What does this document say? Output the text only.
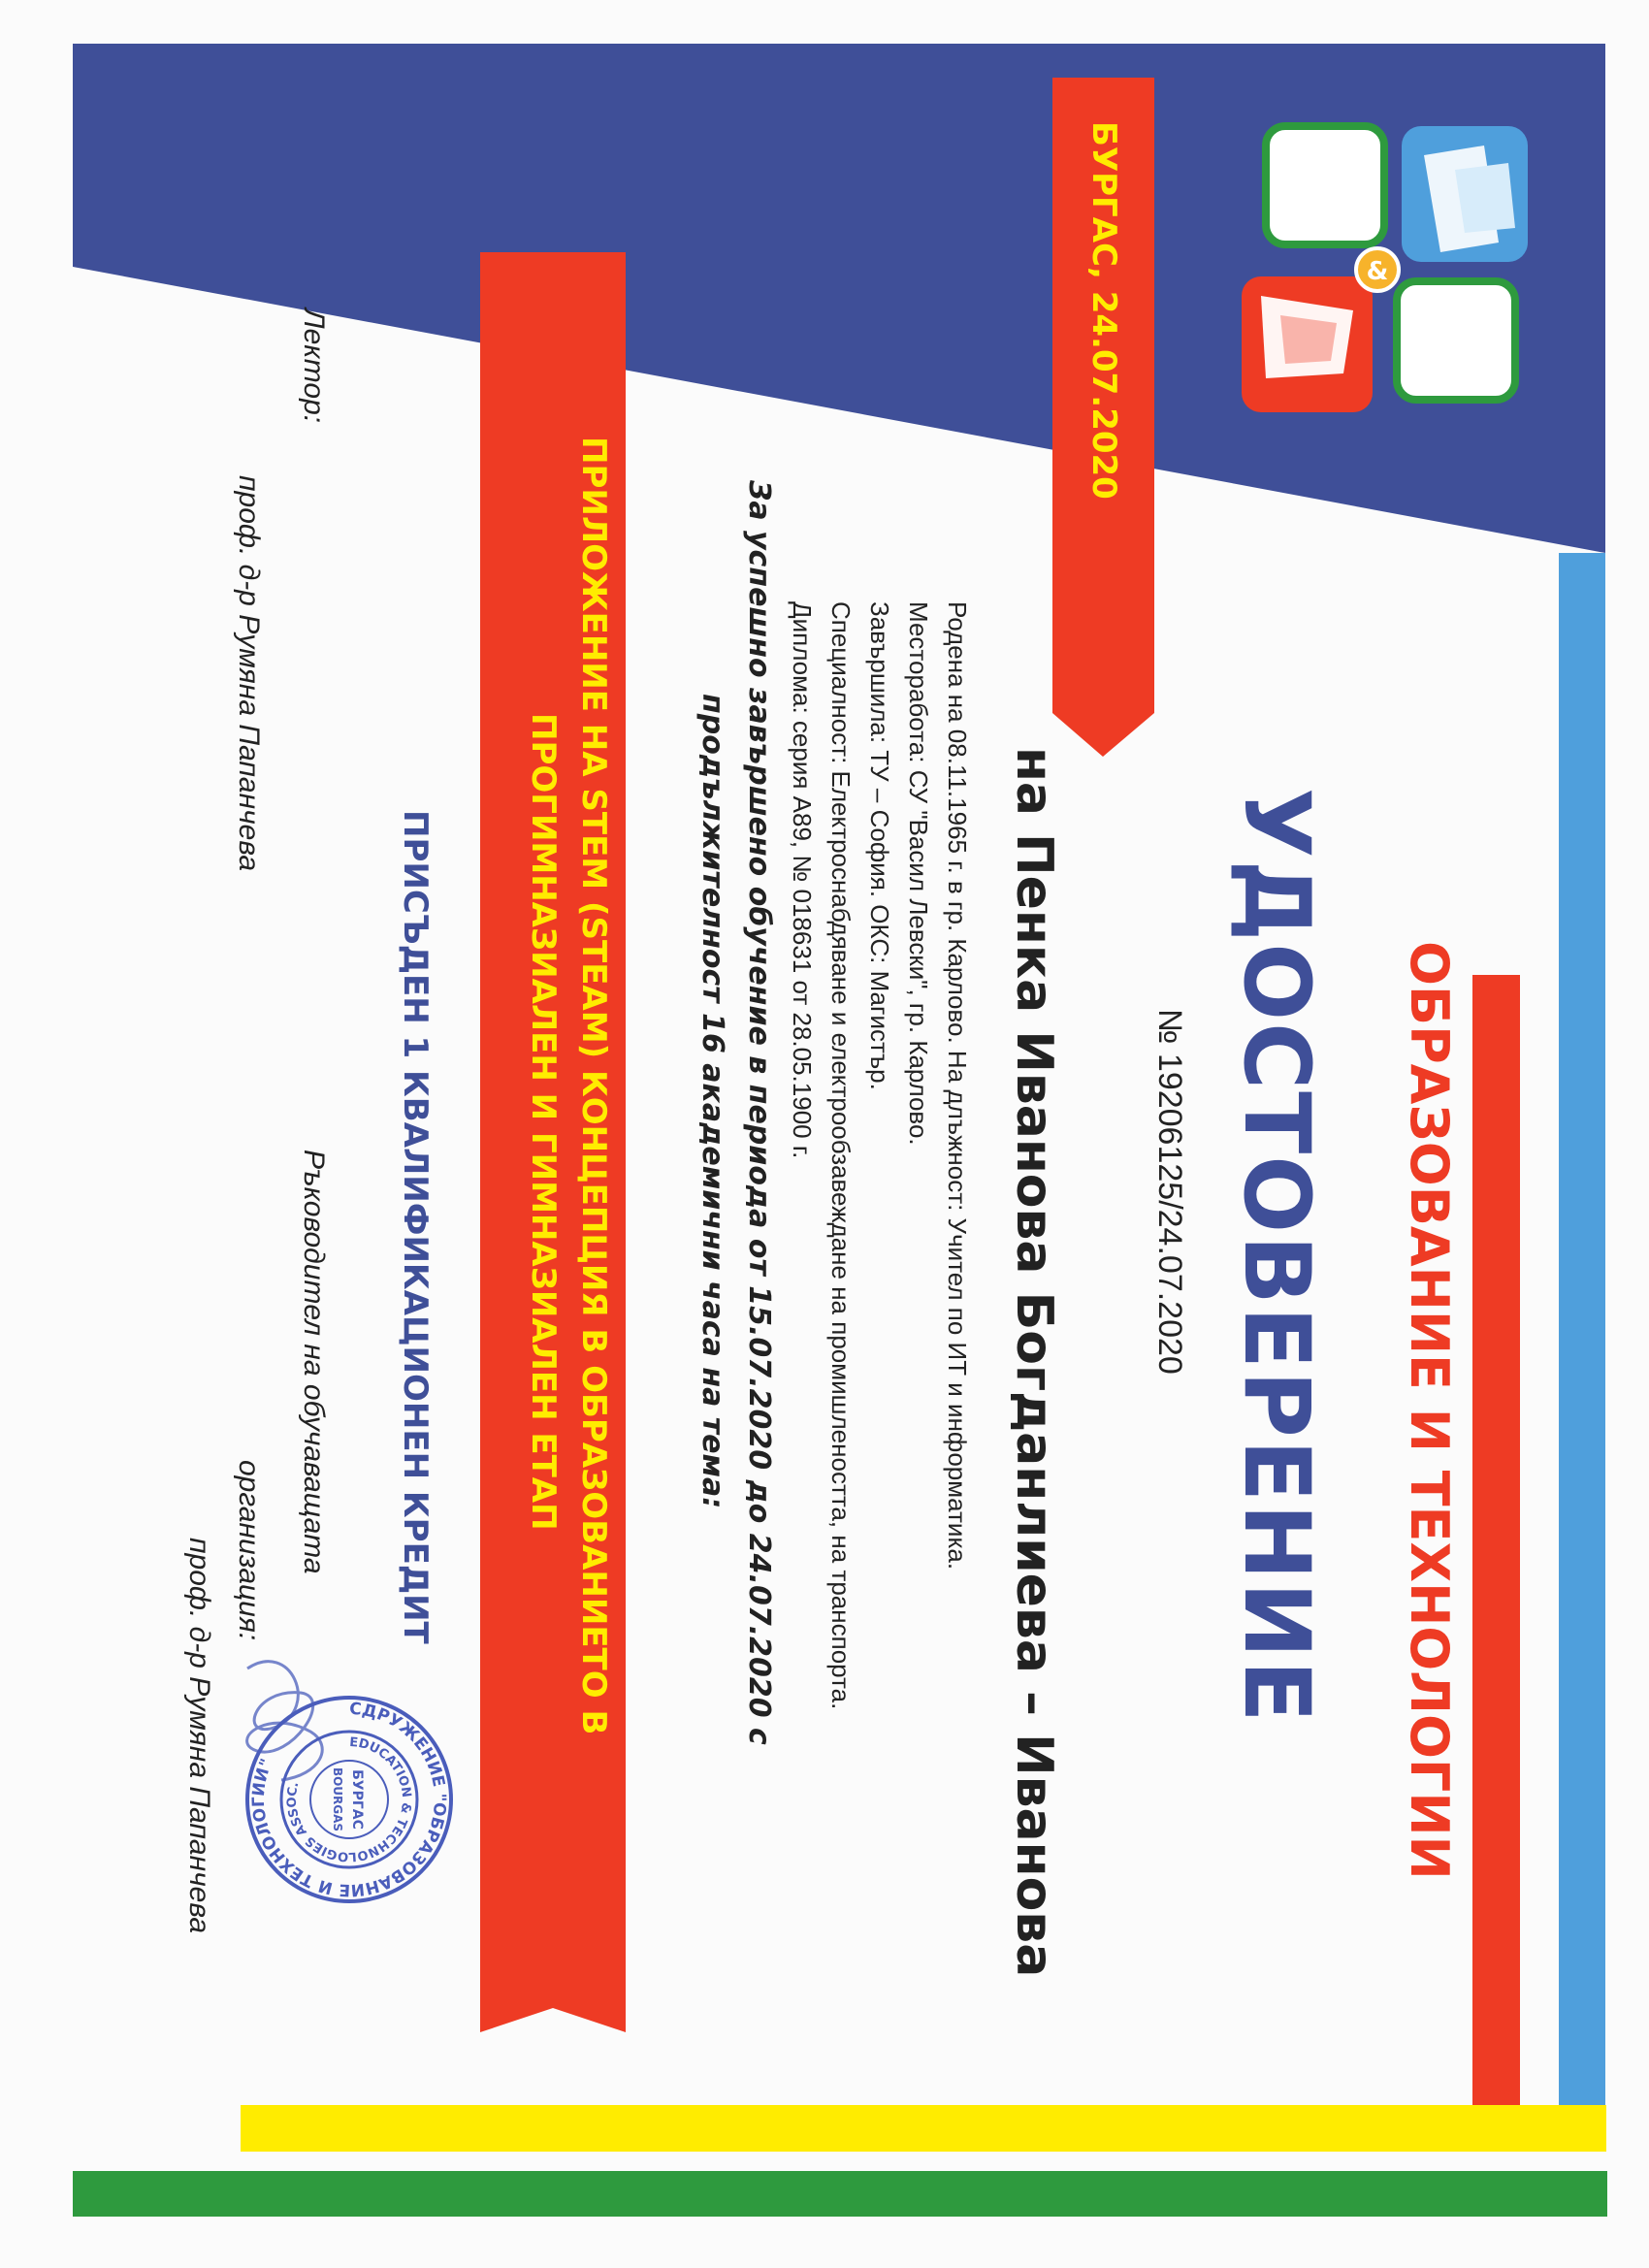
&
СДРУЖЕНИЕ "ОБРАЗОВАНИЕ И ТЕХНОЛОГИИ"
EDUCATION & TECHNOLOGIES ASSOC.	БУРГАС
BOURGAS	ОБРАЗОВАНИЕ И ТЕХНОЛОГИИ
УДОСТОВЕРЕНИЕ
№ 19206125/24.07.2020
на Пенка Иванова Богданлиева – Иванова
Родена на 08.11.1965 г. в гр. Карлово. На длъжност: Учител по ИТ и информатика.
Месторабота: СУ "Васил Левски", гр. Карлово.
Завършила: ТУ – София. ОКС: Магистър.
Специалност: Електроснабдяване и електрообзавеждане на промишлеността, на транспорта.
Диплома: серия А89, № 018631 от 28.05.1900 г.
За успешно завършено обучение в периода от 15.07.2020 до 24.07.2020 с
продължителност 16 академични часа на тема:
ПРИЛОЖЕНИЕ НА STEM (STEAM) КОНЦЕПЦИЯ В ОБРАЗОВАНИЕТО В
ПРОГИМНАЗИАЛЕН И ГИМНАЗИАЛЕН ЕТАП
ПРИСЪДЕН 1 КВАЛИФИКАЦИОНЕН КРЕДИТ
БУРГАС, 24.07.2020
Лектор:
проф. д-р Румяна Папанчева
Ръководител на обучаващата
организация:
проф. д-р Румяна Папанчева
